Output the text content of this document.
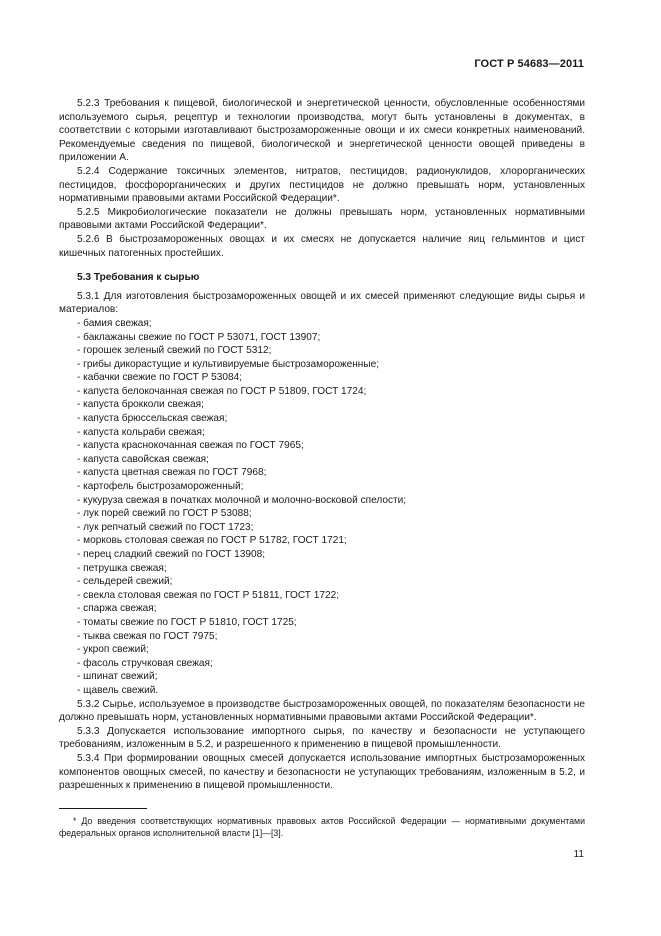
ГОСТ Р 54683—2011

5.2.3 Требования к пищевой, биологической и энергетической ценности, обусловленные особенностями используемого сырья, рецептур и технологии производства, могут быть установлены в документах, в соответствии с которыми изготавливают быстрозамороженные овощи и их смеси конкретных наименований. Рекомендуемые сведения по пищевой, биологической и энергетической ценности овощей приведены в приложении А.

5.2.4 Содержание токсичных элементов, нитратов, пестицидов, радионуклидов, хлорорганических пестицидов, фосфорорганических и других пестицидов не должно превышать норм, установленных нормативными правовыми актами Российской Федерации*.

5.2.5 Микробиологические показатели не должны превышать норм, установленных нормативными правовыми актами Российской Федерации*.

5.2.6 В быстрозамороженных овощах и их смесях не допускается наличие яиц гельминтов и цист кишечных патогенных простейших.

5.3 Требования к сырью

5.3.1 Для изготовления быстрозамороженных овощей и их смесей применяют следующие виды сырья и материалов:

- бамия свежая;
- баклажаны свежие по ГОСТ Р 53071, ГОСТ 13907;
- горошек зеленый свежий по ГОСТ 5312;
- грибы дикорастущие и культивируемые быстрозамороженные;
- кабачки свежие по ГОСТ Р 53084;
- капуста белокочанная свежая по ГОСТ Р 51809, ГОСТ 1724;
- капуста брокколи свежая;
- капуста брюссельская свежая;
- капуста кольраби свежая;
- капуста краснокочанная свежая по ГОСТ 7965;
- капуста савойская свежая;
- капуста цветная свежая по ГОСТ 7968;
- картофель быстрозамороженный;
- кукуруза свежая в початках молочной и молочно-восковой спелости;
- лук порей свежий по ГОСТ Р 53088;
- лук репчатый свежий по ГОСТ 1723;
- морковь столовая свежая по ГОСТ Р 51782, ГОСТ 1721;
- перец сладкий свежий по ГОСТ 13908;
- петрушка свежая;
- сельдерей свежий;
- свекла столовая свежая по ГОСТ Р 51811, ГОСТ 1722;
- спаржа свежая;
- томаты свежие по ГОСТ Р 51810, ГОСТ 1725;
- тыква свежая по ГОСТ 7975;
- укроп свежий;
- фасоль стручковая свежая;
- шпинат свежий;
- щавель свежий.

5.3.2 Сырье, используемое в производстве быстрозамороженных овощей, по показателям безопасности не должно превышать норм, установленных нормативными правовыми актами Российской Федерации*.

5.3.3 Допускается использование импортного сырья, по качеству и безопасности не уступающего требованиям, изложенным в 5.2, и разрешенного к применению в пищевой промышленности.

5.3.4 При формировании овощных смесей допускается использование импортных быстрозамороженных компонентов овощных смесей, по качеству и безопасности не уступающих требованиям, изложенным в 5.2, и разрешенных к применению в пищевой промышленности.

* До введения соответствующих нормативных правовых актов Российской Федерации — нормативными документами федеральных органов исполнительной власти [1]—[3].
11
